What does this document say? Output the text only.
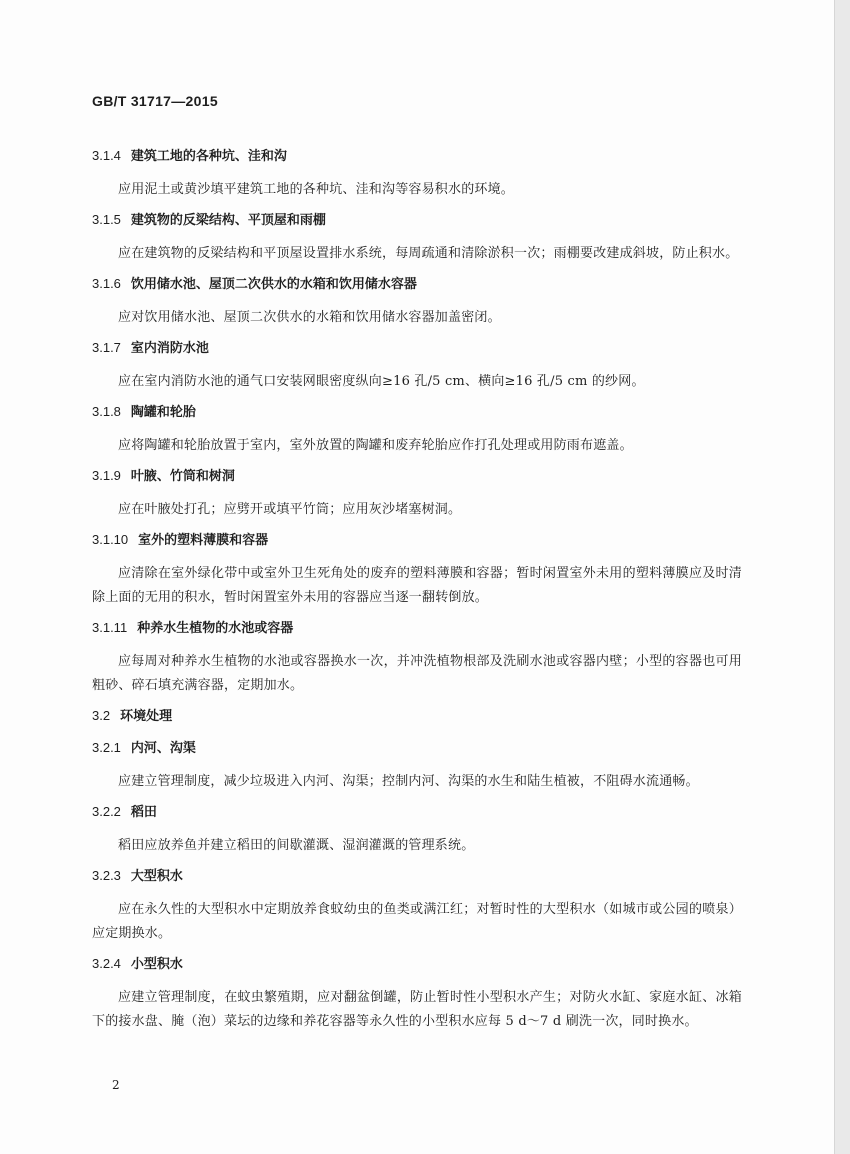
GB/T 31717—2015
3.1.4 建筑工地的各种坑、洼和沟

应用泥土或黄沙填平建筑工地的各种坑、洼和沟等容易积水的环境。

3.1.5 建筑物的反梁结构、平顶屋和雨棚

应在建筑物的反梁结构和平顶屋设置排水系统，每周疏通和清除淤积一次；雨棚要改建成斜坡，防止积水。

3.1.6 饮用储水池、屋顶二次供水的水箱和饮用储水容器

应对饮用储水池、屋顶二次供水的水箱和饮用储水容器加盖密闭。

3.1.7 室内消防水池

应在室内消防水池的通气口安装网眼密度纵向≥16 孔/5 cm、横向≥16 孔/5 cm 的纱网。

3.1.8 陶罐和轮胎

应将陶罐和轮胎放置于室内，室外放置的陶罐和废弃轮胎应作打孔处理或用防雨布遮盖。

3.1.9 叶腋、竹筒和树洞

应在叶腋处打孔；应劈开或填平竹筒；应用灰沙堵塞树洞。

3.1.10 室外的塑料薄膜和容器

应清除在室外绿化带中或室外卫生死角处的废弃的塑料薄膜和容器；暂时闲置室外未用的塑料薄膜应及时清除上面的无用的积水，暂时闲置室外未用的容器应当逐一翻转倒放。

3.1.11 种养水生植物的水池或容器

应每周对种养水生植物的水池或容器换水一次，并冲洗植物根部及洗刷水池或容器内壁；小型的容器也可用粗砂、碎石填充满容器，定期加水。

3.2 环境处理
3.2.1 内河、沟渠

应建立管理制度，减少垃圾进入内河、沟渠；控制内河、沟渠的水生和陆生植被，不阻碍水流通畅。

3.2.2 稻田

稻田应放养鱼并建立稻田的间歇灌溉、湿润灌溉的管理系统。

3.2.3 大型积水

应在永久性的大型积水中定期放养食蚊幼虫的鱼类或满江红；对暂时性的大型积水（如城市或公园的喷泉）应定期换水。

3.2.4 小型积水

应建立管理制度，在蚊虫繁殖期，应对翻盆倒罐，防止暂时性小型积水产生；对防火水缸、家庭水缸、冰箱下的接水盘、腌（泡）菜坛的边缘和养花容器等永久性的小型积水应每 5 d～7 d 刷洗一次，同时换水。

2
